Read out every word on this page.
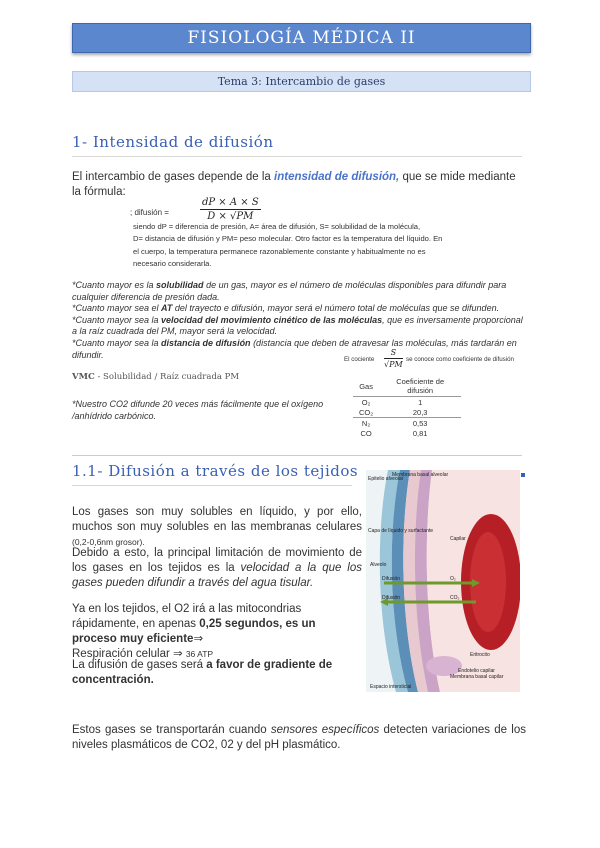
FISIOLOGÍA MÉDICA II
Tema 3: Intercambio de gases
1- Intensidad de difusión
El intercambio de gases depende de la intensidad de difusión, que se mide mediante la fórmula:
; difusión =	$\frac{dP \times A \times S}{D \times √PM}$
siendo dP = diferencia de presión, A= área de difusión, S= solubilidad de la molécula,
D= distancia de difusión y PM= peso molecular. Otro factor es la temperatura del líquido. En
el cuerpo, la temperatura permanece razonablemente constante y habitualmente no es
necesario considerarla.
*Cuanto mayor es la solubilidad de un gas, mayor es el número de moléculas disponibles para difundir para cualquier diferencia de presión dada.
*Cuanto mayor sea el AT del trayecto e difusión, mayor será el número total de moléculas que se difunden.
*Cuanto mayor sea la velocidad del movimiento cinético de las moléculas, que es inversamente proporcional a la raíz cuadrada del PM, mayor será la velocidad.
*Cuanto mayor sea la distancia de difusión (distancia que deben de atravesar las moléculas, más tardarán en difundir.	El cociente $\frac{S}{√PM}$ se conoce como coeficiente de difusión
VMC - Solubilidad / Raíz cuadrada PM
*Nuestro CO2 difunde 20 veces más fácilmente que el oxígeno /anhídrido carbónico.
Gas	Coeficiente de difusión
O₂	1
CO₂	20,3
N₂	0,53
CO	0,81
1.1- Difusión a través de los tejidos
Los gases son muy solubles en líquido, y por ello, muchos son muy solubles en las membranas celulares (0,2-0,6nm grosor).
Debido a esto, la principal limitación de movimiento de los gases en los tejidos es la velocidad a la que los gases pueden difundir a través del agua tisular.
Ya en los tejidos, el O2 irá a las mitocondrias rápidamente, en apenas 0,25 segundos, es un proceso muy eficiente⇒
Respiración celular ⇒ 36 ATP
La difusión de gases será a favor de gradiente de concentración.
Estos gases se transportarán cuando sensores específicos detecten variaciones de los niveles plasmáticos de CO2, 02 y del pH plasmático.
Epitelio alveolar
Membrana basal alveolar
Capa de líquido y surfactante
Capilar
Alveolo
Difusión	O₂
Difusión	CO₂
Eritrocito
Endotelio capilar
Membrana basal capilar
Espacio intersticial
